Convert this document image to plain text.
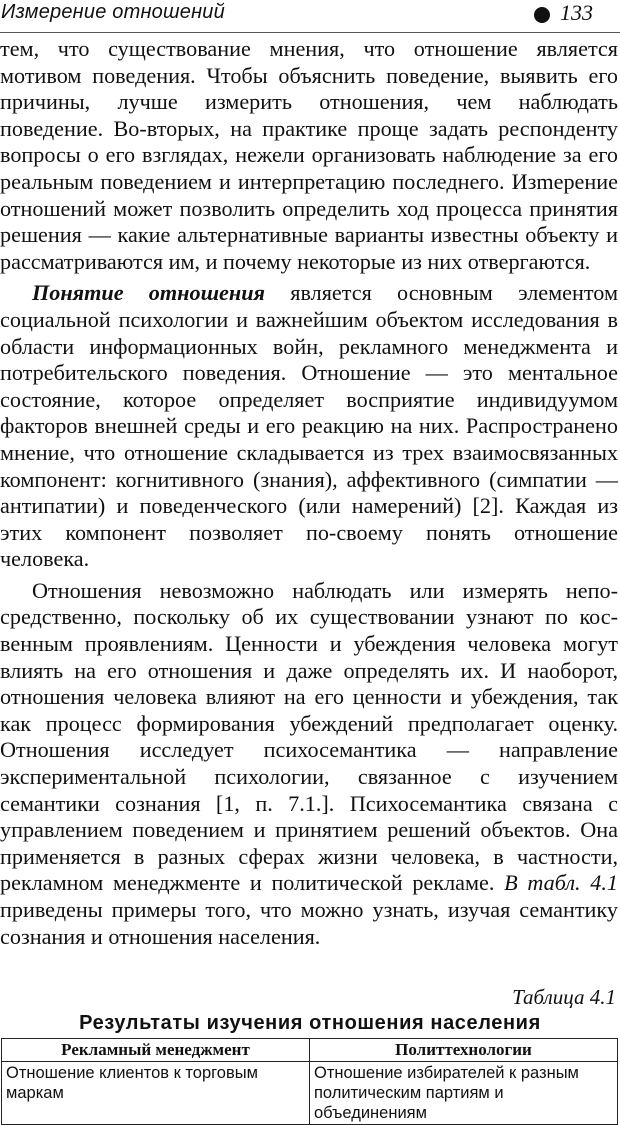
Измерение отношений	133

тем, что существование мнения, что отношение является мотивом поведения. Чтобы объяснить поведение, выявить его причины, лучше измерить отношения, чем наблюдать поведение. Во-вторых, на практике проще задать респонденту вопросы о его взглядах, нежели организовать наблюдение за его реальным поведением и интерпретацию последнего. Изmерение отношений может позволить определить ход процесса принятия решения — какие альтернативные варианты известны объекту и рассматриваются им, и почему некоторые из них отвергаются.

Понятие отношения является основным элементом социальной психологии и важнейшим объектом исследования в области информационных войн, рекламного менеджмента и потребительского поведения. Отношение — это ментальное состояние, которое определяет восприятие индивидуумом факторов внешней среды и его реакцию на них. Распространено мнение, что отношение складывается из трех взаимосвязанных компонент: когнитивного (знания), аффективного (симпатии — антипатии) и поведенческого (или намерений) [2]. Каждая из этих компонент позволяет по-своему понять отношение человека.

Отношения невозможно наблюдать или измерять непосредственно, поскольку об их существовании узнают по косвенным проявлениям. Ценности и убеждения человека могут влиять на его отношения и даже определять их. И наоборот, отношения человека влияют на его ценности и убеждения, так как процесс формирования убеждений предполагает оценку. Отношения исследует психосемантика — направление экспериментальной психологии, связанное с изучением семантики сознания [1, п. 7.1.]. Психосемантика связана с управлением поведением и принятием решений объектов. Она применяется в разных сферах жизни человека, в частности, рекламном менеджменте и политической рекламе. В табл. 4.1 приведены примеры того, что можно узнать, изучая семантику сознания и отношения населения.

Таблица 4.1
Результаты изучения отношения населения
Рекламный менеджмент	Политтехнологии
Отношение клиентов к торговым маркам	Отношение избирателей к разным политическим партиям и объединениям
